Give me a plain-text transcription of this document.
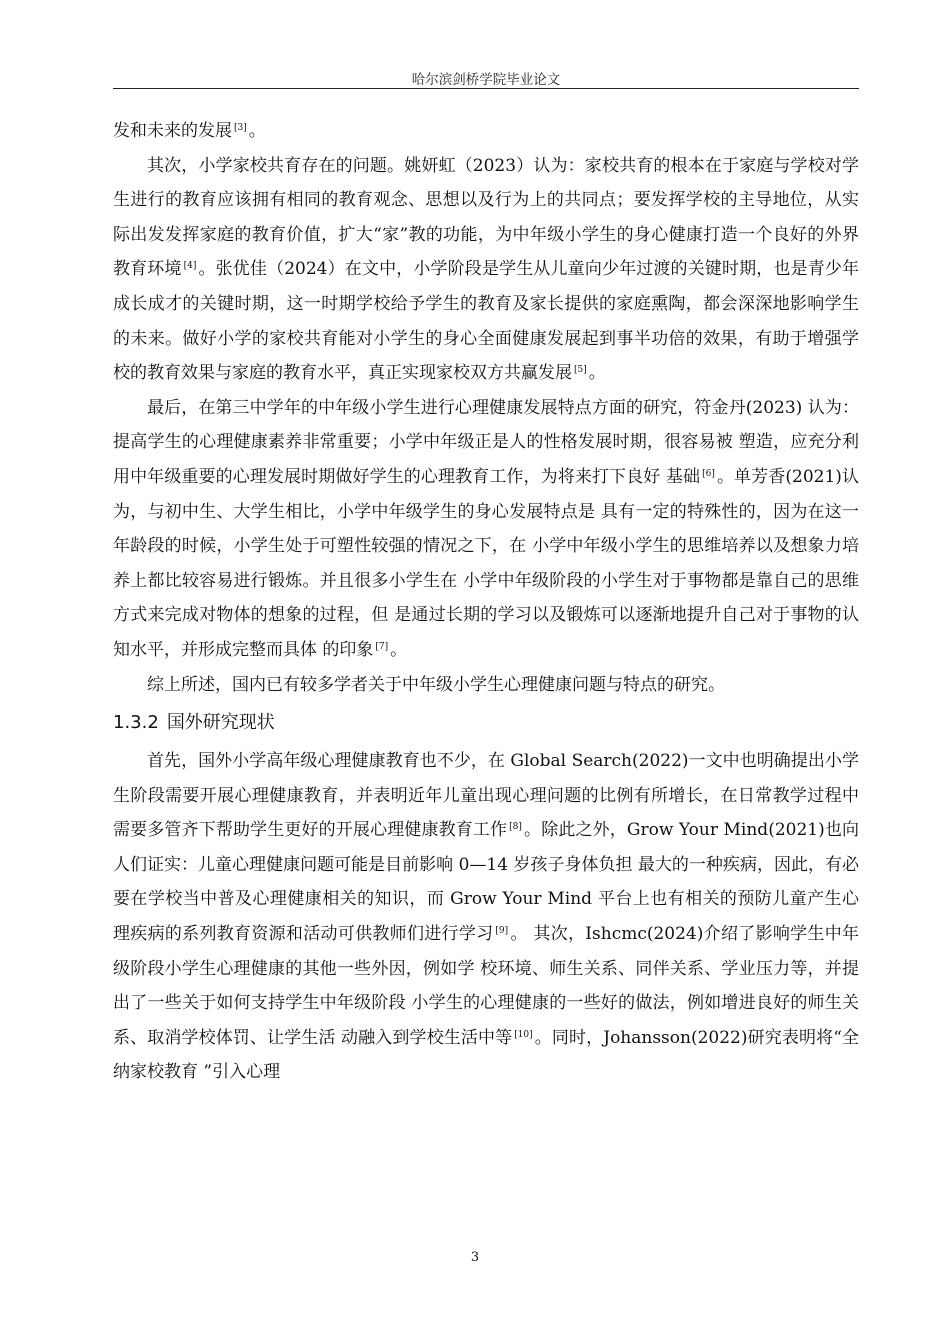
哈尔滨剑桥学院毕业论文

发和未来的发展 [3] 。

其次，小学家校共育存在的问题。姚妍虹（2023）认为：家校共育的根本在于家庭与学校对学生进行的教育应该拥有相同的教育观念、思想以及行为上的共同点；要发挥学校的主导地位，从实际出发发挥家庭的教育价值，扩大“家”教的功能，为中年级小学生的身心健康打造一个良好的外界教育环境 [4] 。张优佳（2024）在文中，小学阶段是学生从儿童向少年过渡的关键时期，也是青少年成长成才的关键时期，这一时期学校给予学生的教育及家长提供的家庭熏陶，都会深深地影响学生的未来。做好小学的家校共育能对小学生的身心全面健康发展起到事半功倍的效果，有助于增强学校的教育效果与家庭的教育水平，真正实现家校双方共赢发展 [5] 。

最后，在第三中学年的中年级小学生进行心理健康发展特点方面的研究，符金丹(2023) 认为：提高学生的心理健康素养非常重要；小学中年级正是人的性格发展时期，很容易被 塑造，应充分利用中年级重要的心理发展时期做好学生的心理教育工作，为将来打下良好 基础 [6] 。单芳香(2021)认为，与初中生、大学生相比，小学中年级学生的身心发展特点是 具有一定的特殊性的，因为在这一年龄段的时候，小学生处于可塑性较强的情况之下，在 小学中年级小学生的思维培养以及想象力培养上都比较容易进行锻炼。并且很多小学生在 小学中年级阶段的小学生对于事物都是靠自己的思维方式来完成对物体的想象的过程，但 是通过长期的学习以及锻炼可以逐渐地提升自己对于事物的认知水平，并形成完整而具体 的印象 [7] 。

综上所述，国内已有较多学者关于中年级小学生心理健康问题与特点的研究。

1.3.2 国外研究现状

首先，国外小学高年级心理健康教育也不少，在 Global Search(2022)一文中也明确提出小学生阶段需要开展心理健康教育，并表明近年儿童出现心理问题的比例有所增长，在日常教学过程中需要多管齐下帮助学生更好的开展心理健康教育工作 [8] 。除此之外，Grow Your Mind(2021)也向人们证实：儿童心理健康问题可能是目前影响 0—14 岁孩子身体负担 最大的一种疾病，因此，有必要在学校当中普及心理健康相关的知识，而 Grow Your Mind 平台上也有相关的预防儿童产生心理疾病的系列教育资源和活动可供教师们进行学习 [9] 。 其次，Ishcmc(2024)介绍了影响学生中年级阶段小学生心理健康的其他一些外因，例如学 校环境、师生关系、同伴关系、学业压力等，并提出了一些关于如何支持学生中年级阶段 小学生的心理健康的一些好的做法，例如增进良好的师生关系、取消学校体罚、让学生活 动融入到学校生活中等 [10] 。同时，Johansson(2022)研究表明将“全纳家校教育 ”引入心理

3
